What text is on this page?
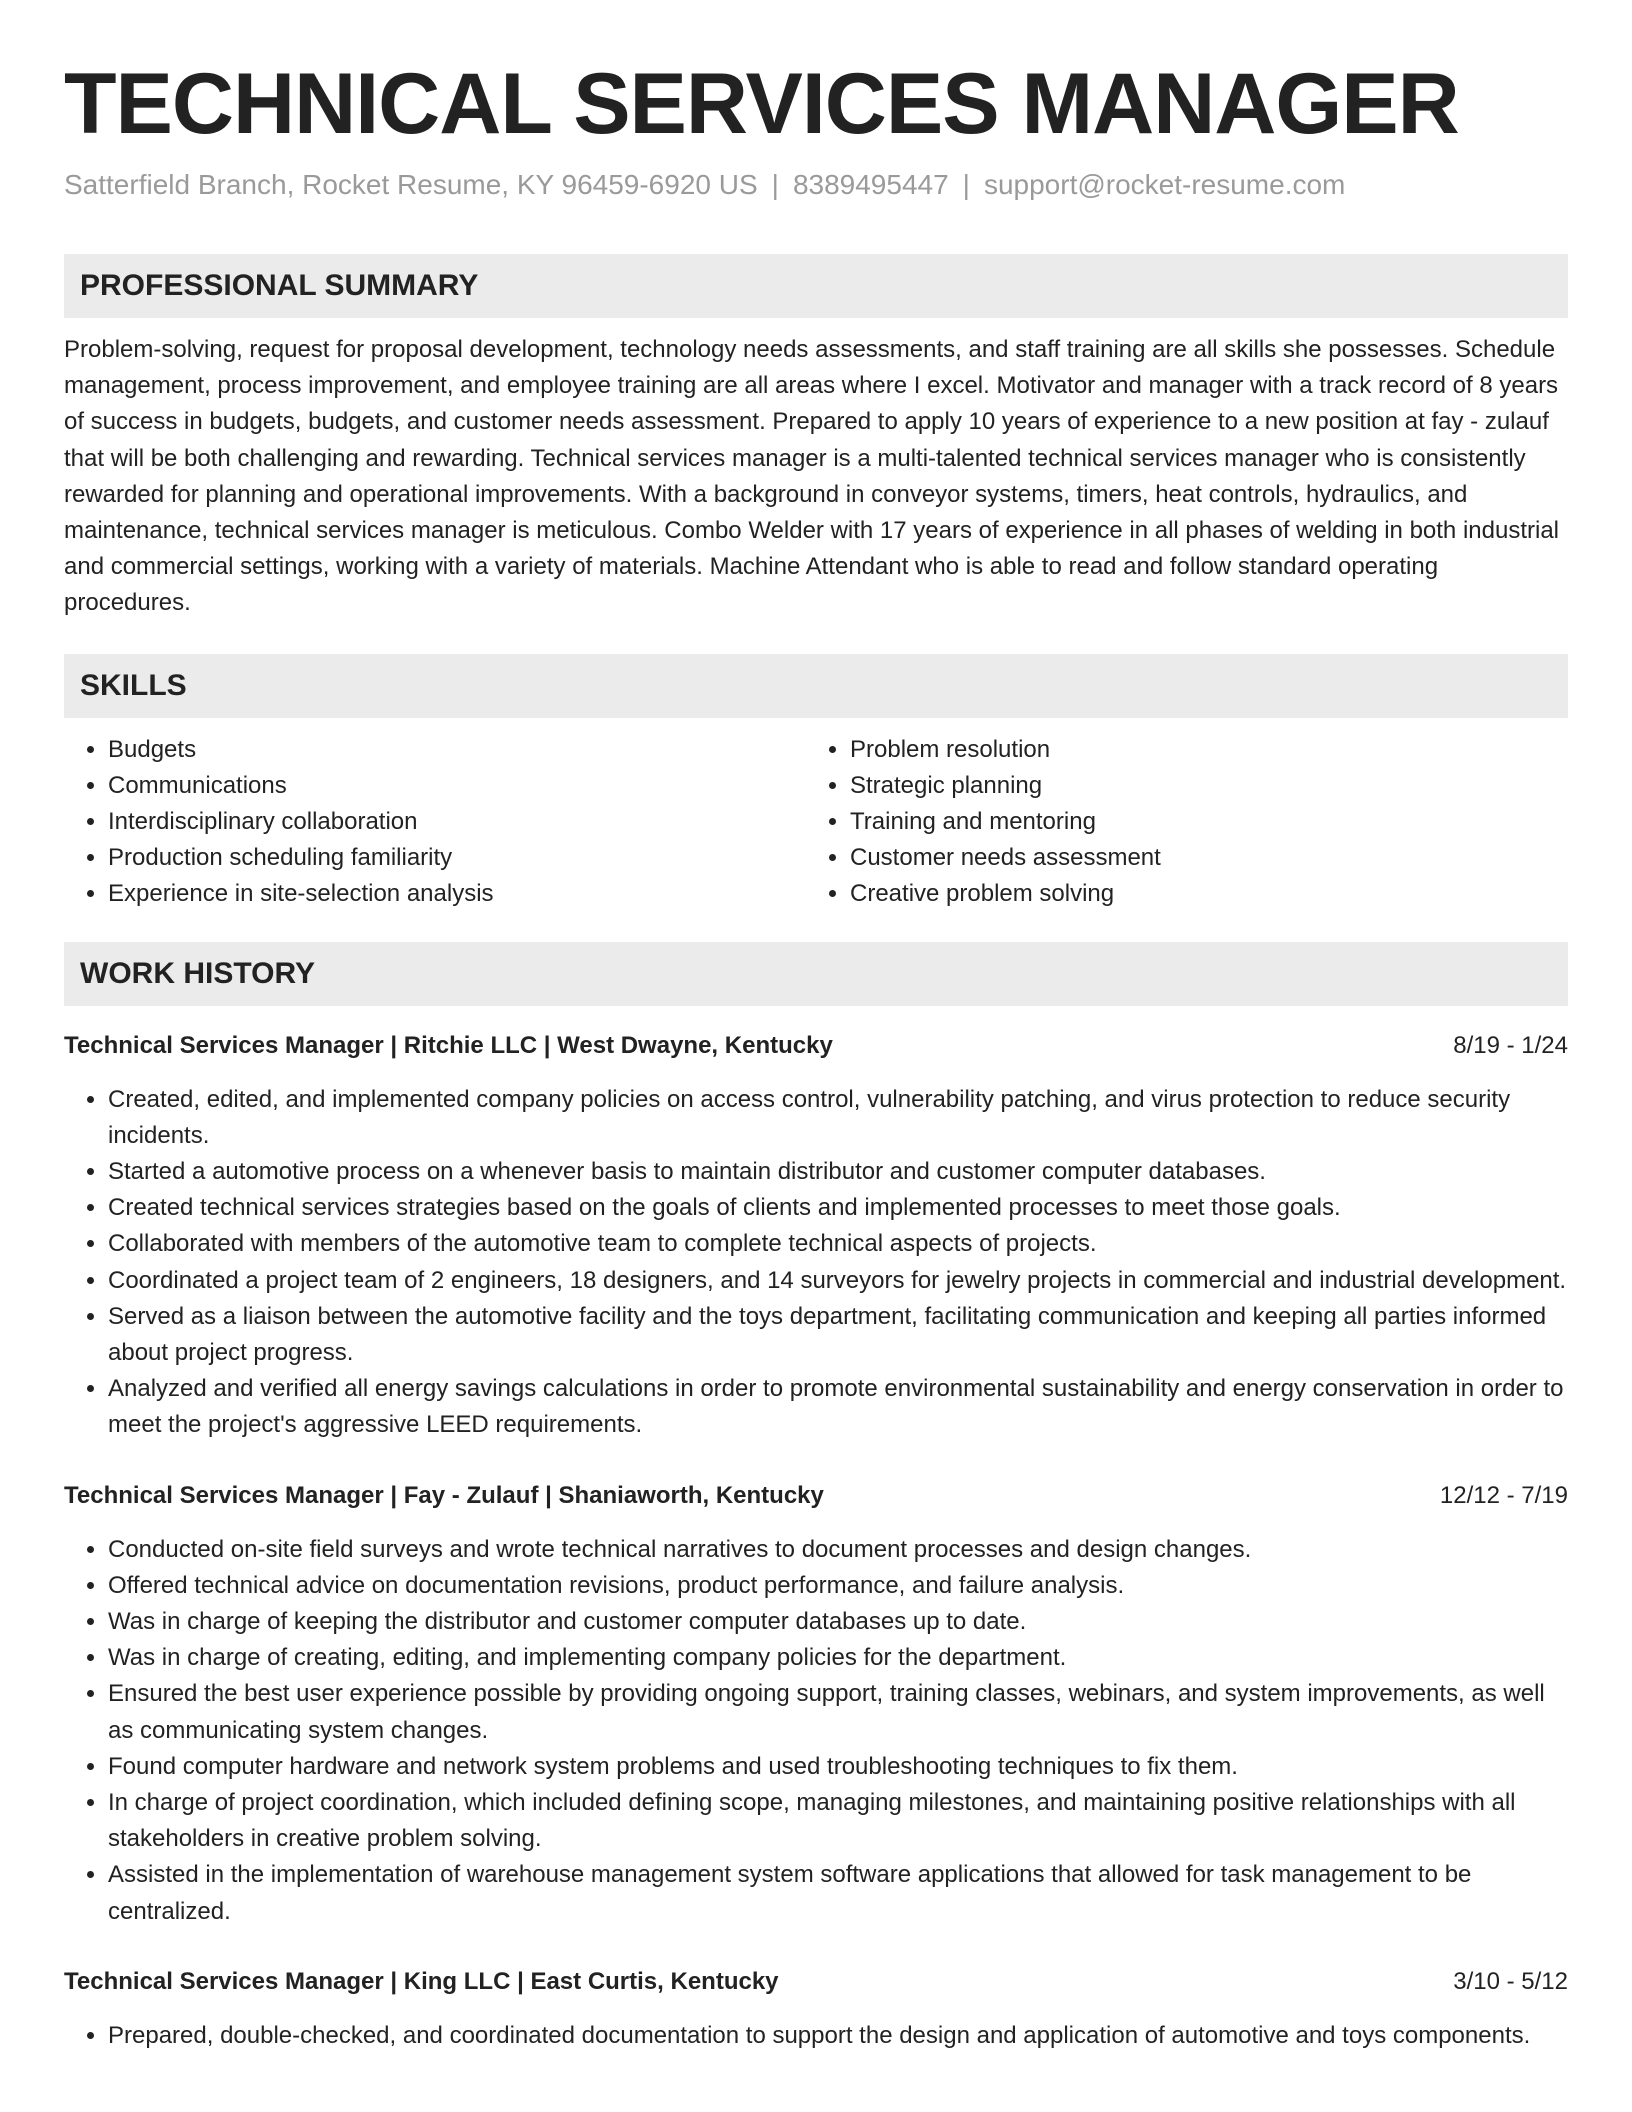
TECHNICAL SERVICES MANAGER
Satterfield Branch, Rocket Resume, KY 96459-6920 US | 8389495447 | support@rocket-resume.com
PROFESSIONAL SUMMARY
Problem-solving, request for proposal development, technology needs assessments, and staff training are all skills she possesses. Schedule management, process improvement, and employee training are all areas where I excel. Motivator and manager with a track record of 8 years of success in budgets, budgets, and customer needs assessment. Prepared to apply 10 years of experience to a new position at fay - zulauf that will be both challenging and rewarding. Technical services manager is a multi-talented technical services manager who is consistently rewarded for planning and operational improvements. With a background in conveyor systems, timers, heat controls, hydraulics, and maintenance, technical services manager is meticulous. Combo Welder with 17 years of experience in all phases of welding in both industrial and commercial settings, working with a variety of materials. Machine Attendant who is able to read and follow standard operating procedures.
SKILLS
• Budgets
• Communications
• Interdisciplinary collaboration
• Production scheduling familiarity
• Experience in site-selection analysis
• Problem resolution
• Strategic planning
• Training and mentoring
• Customer needs assessment
• Creative problem solving
WORK HISTORY
Technical Services Manager | Ritchie LLC | West Dwayne, Kentucky	8/19 - 1/24
• Created, edited, and implemented company policies on access control, vulnerability patching, and virus protection to reduce security incidents.
• Started a automotive process on a whenever basis to maintain distributor and customer computer databases.
• Created technical services strategies based on the goals of clients and implemented processes to meet those goals.
• Collaborated with members of the automotive team to complete technical aspects of projects.
• Coordinated a project team of 2 engineers, 18 designers, and 14 surveyors for jewelry projects in commercial and industrial development.
• Served as a liaison between the automotive facility and the toys department, facilitating communication and keeping all parties informed about project progress.
• Analyzed and verified all energy savings calculations in order to promote environmental sustainability and energy conservation in order to meet the project's aggressive LEED requirements.
Technical Services Manager | Fay - Zulauf | Shaniaworth, Kentucky	12/12 - 7/19
• Conducted on-site field surveys and wrote technical narratives to document processes and design changes.
• Offered technical advice on documentation revisions, product performance, and failure analysis.
• Was in charge of keeping the distributor and customer computer databases up to date.
• Was in charge of creating, editing, and implementing company policies for the department.
• Ensured the best user experience possible by providing ongoing support, training classes, webinars, and system improvements, as well as communicating system changes.
• Found computer hardware and network system problems and used troubleshooting techniques to fix them.
• In charge of project coordination, which included defining scope, managing milestones, and maintaining positive relationships with all stakeholders in creative problem solving.
• Assisted in the implementation of warehouse management system software applications that allowed for task management to be centralized.
Technical Services Manager | King LLC | East Curtis, Kentucky	3/10 - 5/12
• Prepared, double-checked, and coordinated documentation to support the design and application of automotive and toys components.
